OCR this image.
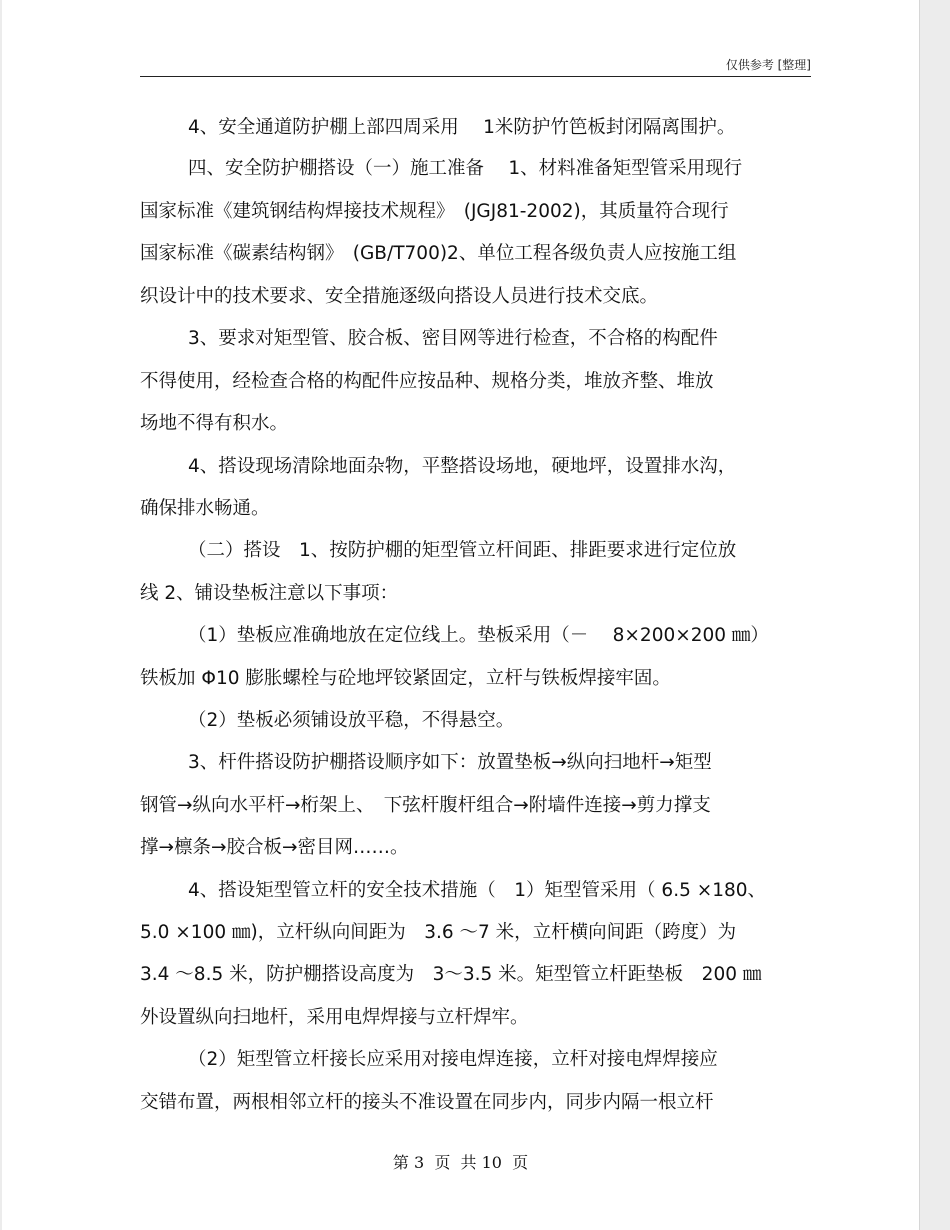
仅供参考 [整理]
4、安全通道防护棚上部四周采用　 1米防护竹笆板封闭隔离围护。
四、安全防护棚搭设（一）施工准备　 1、材料准备矩型管采用现行
国家标准《建筑钢结构焊接技术规程》　(JGJ81-2002)，其质量符合现行
国家标准《碳素结构钢》　(GB/T700)2、单位工程各级负责人应按施工组
织设计中的技术要求、安全措施逐级向搭设人员进行技术交底。
3、要求对矩型管、胶合板、密目网等进行检查，不合格的构配件
不得使用，经检查合格的构配件应按品种、规格分类，堆放齐整、堆放
场地不得有积水。
4、搭设现场清除地面杂物，平整搭设场地，硬地坪，设置排水沟，
确保排水畅通。
（二）搭设　1、按防护棚的矩型管立杆间距、排距要求进行定位放
线 2、铺设垫板注意以下事项：
（1）垫板应准确地放在定位线上。垫板采用（－　 8×200×200 ㎜）
铁板加 Φ10 膨胀螺栓与砼地坪铰紧固定，立杆与铁板焊接牢固。
（2）垫板必须铺设放平稳，不得悬空。
3、杆件搭设防护棚搭设顺序如下：放置垫板→纵向扫地杆→矩型
钢管→纵向水平杆→桁架上、　下弦杆腹杆组合→附墙件连接→剪力撑支
撑→檩条→胶合板→密目网……。
4、搭设矩型管立杆的安全技术措施（　1）矩型管采用（ 6.5 ×180、
5.0 ×100 ㎜)，立杆纵向间距为　3.6 ～7 米，立杆横向间距（跨度）为
3.4 ～8.5 米，防护棚搭设高度为　3～3.5 米。矩型管立杆距垫板　200 ㎜
外设置纵向扫地杆，采用电焊焊接与立杆焊牢。
（2）矩型管立杆接长应采用对接电焊连接，立杆对接电焊焊接应
交错布置，两根相邻立杆的接头不准设置在同步内，同步内隔一根立杆
第 3  页  共 10  页
